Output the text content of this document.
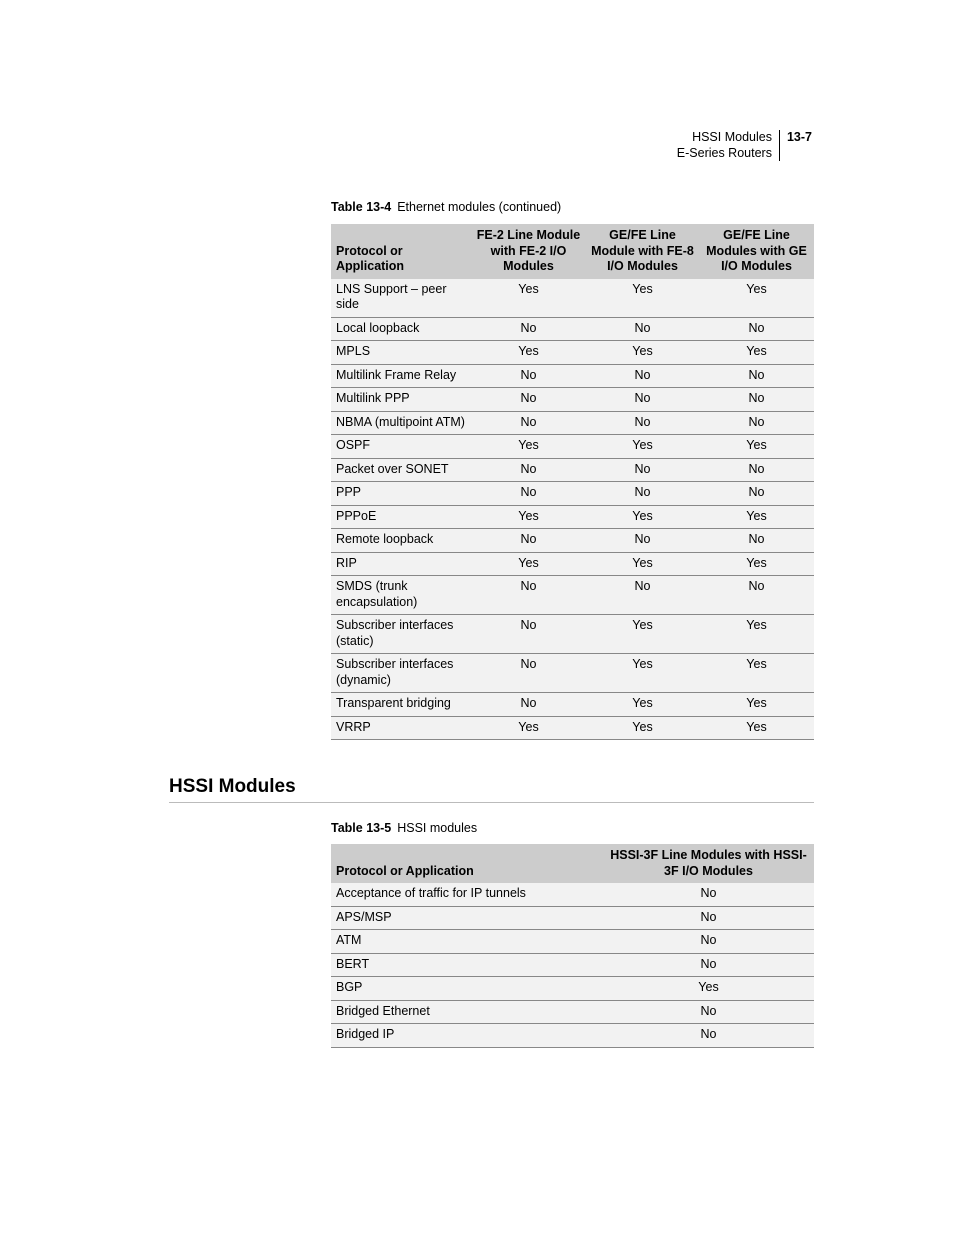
HSSI Modules
E-Series Routers
13-7
Table 13-4 Ethernet modules (continued)
Protocol or Application	FE-2 Line Module with FE-2 I/O Modules	GE/FE Line Module with FE-8 I/O Modules	GE/FE Line Modules with GE I/O Modules
LNS Support – peer side	Yes	Yes	Yes
Local loopback	No	No	No
MPLS	Yes	Yes	Yes
Multilink Frame Relay	No	No	No
Multilink PPP	No	No	No
NBMA (multipoint ATM)	No	No	No
OSPF	Yes	Yes	Yes
Packet over SONET	No	No	No
PPP	No	No	No
PPPoE	Yes	Yes	Yes
Remote loopback	No	No	No
RIP	Yes	Yes	Yes
SMDS (trunk encapsulation)	No	No	No
Subscriber interfaces (static)	No	Yes	Yes
Subscriber interfaces (dynamic)	No	Yes	Yes
Transparent bridging	No	Yes	Yes
VRRP	Yes	Yes	Yes
HSSI Modules
Table 13-5 HSSI modules
Protocol or Application	HSSI-3F Line Modules with HSSI-3F I/O Modules
Acceptance of traffic for IP tunnels	No
APS/MSP	No
ATM	No
BERT	No
BGP	Yes
Bridged Ethernet	No
Bridged IP	No
